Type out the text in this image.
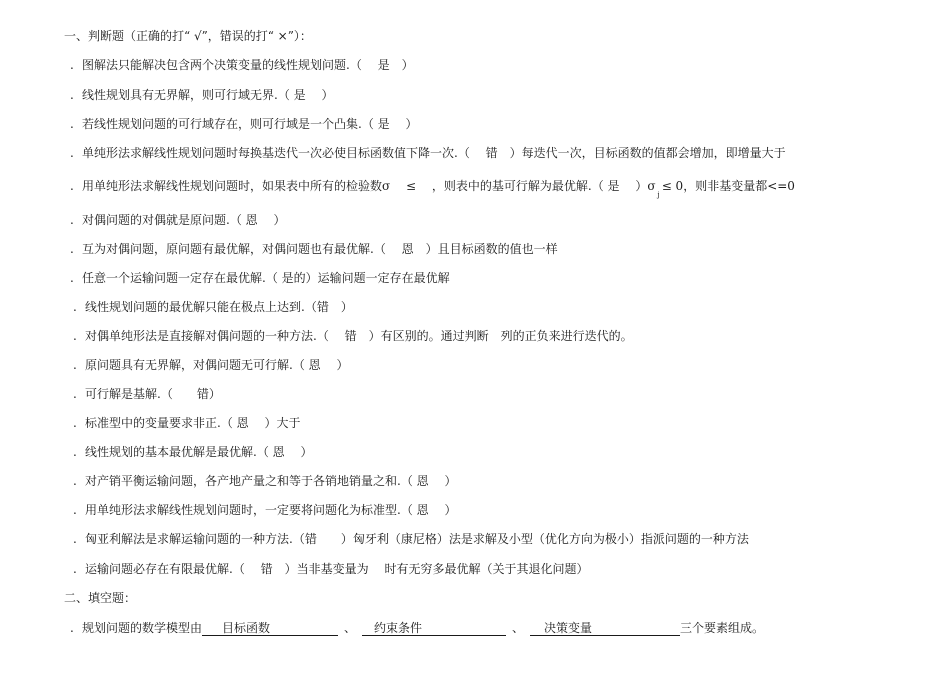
一、判断题（正确的打“ √”，错误的打“ ×”）：
. 图解法只能解决包含两个决策变量的线性规划问题.（　 是　）
. 线性规划具有无界解，则可行域无界.（ 是　 ）
. 若线性规划问题的可行域存在，则可行域是一个凸集.（ 是　 ）
. 单纯形法求解线性规划问题时每换基迭代一次必使目标函数值下降一次.（　 错　）每迭代一次，目标函数的值都会增加，即增量大于
. 用单纯形法求解线性规划问题时，如果表中所有的检验数σ　 ≤　 ，则表中的基可行解为最优解.（ 是　 ）$\sigma_j\le 0$，则非基变量都<=0
. 对偶问题的对偶就是原问题.（ 恩　 ）
. 互为对偶问题，原问题有最优解，对偶问题也有最优解.（　 恩　）且目标函数的值也一样
. 任意一个运输问题一定存在最优解.（ 是的）运输问题一定存在最优解
. 线性规划问题的最优解只能在极点上达到.（错　）
. 对偶单纯形法是直接解对偶问题的一种方法.（　 错　）有区别的。通过判断　列的正负来进行迭代的。
. 原问题具有无界解，对偶问题无可行解.（ 恩　 ）
. 可行解是基解.（　　错）
. 标准型中的变量要求非正.（ 恩　 ）大于
. 线性规划的基本最优解是最优解.（ 恩　 ）
. 对产销平衡运输问题，各产地产量之和等于各销地销量之和.（ 恩　 ）
. 用单纯形法求解线性规划问题时，一定要将问题化为标准型.（ 恩　 ）
. 匈亚利解法是求解运输问题的一种方法.（错　　）匈牙利（康尼格）法是求解及小型（优化方向为极小）指派问题的一种方法
. 运输问题必存在有限最优解.（　 错　）当非基变量为　 时有无穷多最优解（关于其退化问题）
二、填空题：
. 规划问题的数学模型由 目标函数	、 约束条件	、 决策变量	三个要素组成。
